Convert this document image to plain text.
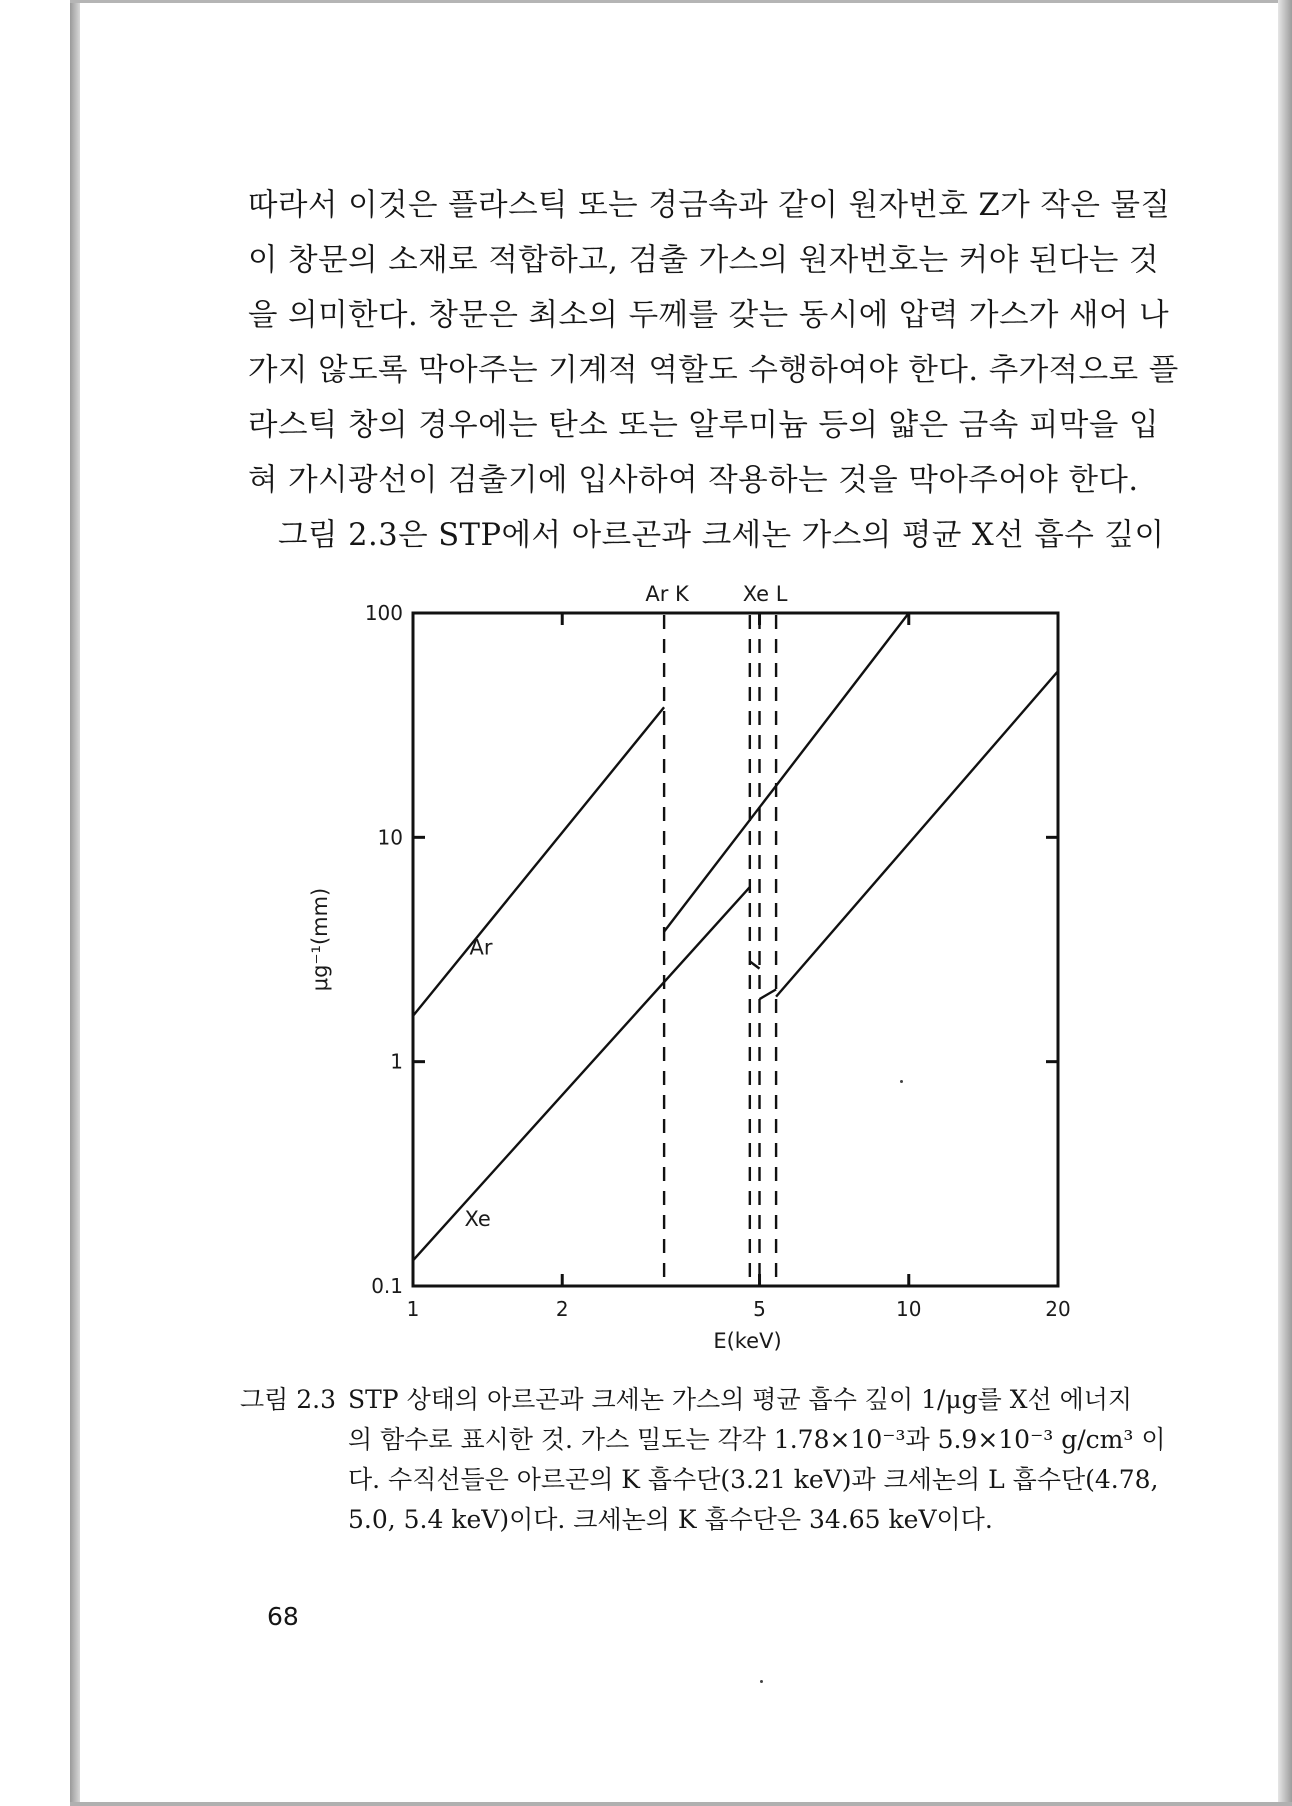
따라서 이것은 플라스틱 또는 경금속과 같이 원자번호 Z가 작은 물질
이 창문의 소재로 적합하고, 검출 가스의 원자번호는 커야 된다는 것
을 의미한다. 창문은 최소의 두께를 갖는 동시에 압력 가스가 새어 나
가지 않도록 막아주는 기계적 역할도 수행하여야 한다. 추가적으로 플
라스틱 창의 경우에는 탄소 또는 알루미늄 등의 얇은 금속 피막을 입
혀 가시광선이 검출기에 입사하여 작용하는 것을 막아주어야 한다.
그림 2.3은 STP에서 아르곤과 크세논 가스의 평균 X선 흡수 깊이
1	2	5	10	20
0.1
1
10
100
E(keV)
μg⁻¹(mm)
Ar K	Xe L
Ar
Xe
그림 2.3 STP 상태의 아르곤과 크세논 가스의 평균 흡수 깊이 1/μg를 X선 에너지
의 함수로 표시한 것. 가스 밀도는 각각 1.78×10⁻³과 5.9×10⁻³ g/cm³ 이
다. 수직선들은 아르곤의 K 흡수단(3.21 keV)과 크세논의 L 흡수단(4.78,
5.0, 5.4 keV)이다. 크세논의 K 흡수단은 34.65 keV이다.
68
